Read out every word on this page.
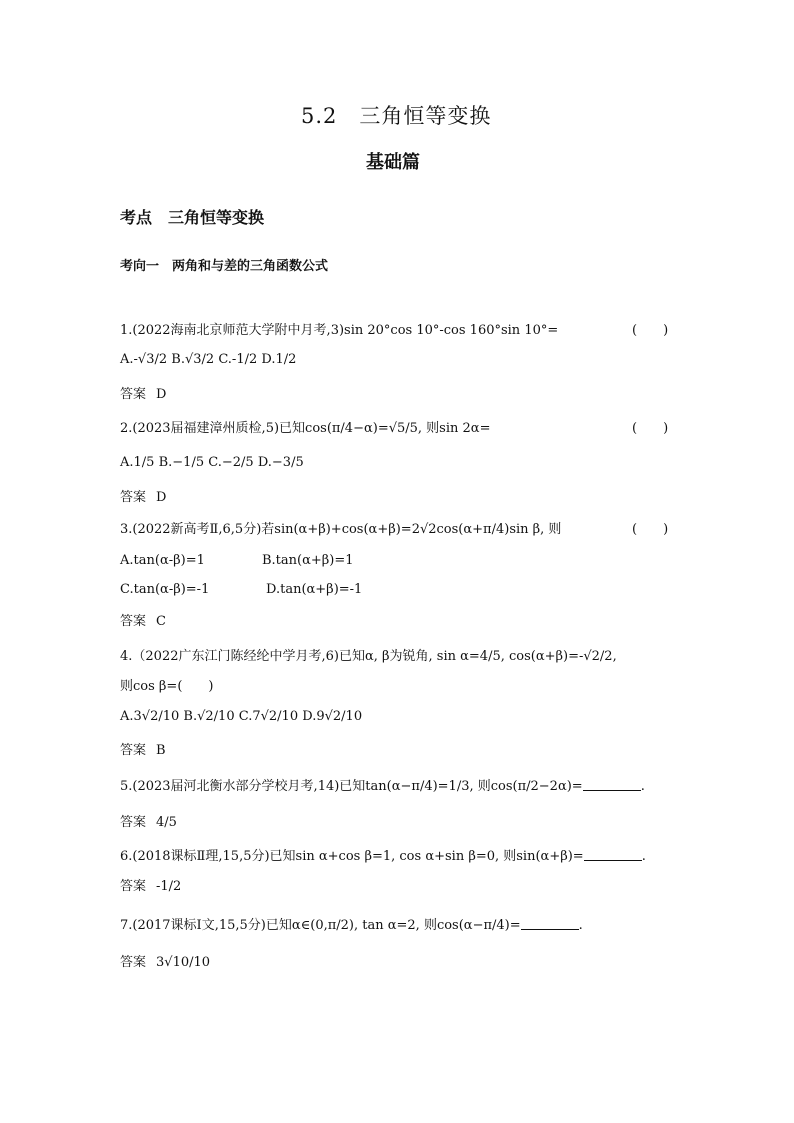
5.2　三角恒等变换
基础篇
考点　三角恒等变换
考向一　两角和与差的三角函数公式
1.(2022海南北京师范大学附中月考,3)sin 20°cos 10°-cos 160°sin 10°=	(　　)
A.-√3/2 B.√3/2 C.-1/2 D.1/2
答案 D
2.(2023届福建漳州质检,5)已知cos(π/4−α)=√5/5, 则sin 2α=	(　　)
A.1/5 B.−1/5 C.−2/5 D.−3/5
答案 D
3.(2022新高考Ⅱ,6,5分)若sin(α+β)+cos(α+β)=2√2cos(α+π/4)sin β, 则	(　　)
A.tan(α-β)=1	B.tan(α+β)=1
C.tan(α-β)=-1	D.tan(α+β)=-1
答案 C
4.（2022广东江门陈经纶中学月考,6)已知α, β为锐角, sin α=4/5, cos(α+β)=-√2/2,
则cos β=(　　)
A.3√2/10 B.√2/10 C.7√2/10 D.9√2/10
答案 B
5.(2023届河北衡水部分学校月考,14)已知tan(α−π/4)=1/3, 则cos(π/2−2α)=	.
答案 4/5
6.(2018课标Ⅱ理,15,5分)已知sin α+cos β=1, cos α+sin β=0, 则sin(α+β)=	.
答案 -1/2
7.(2017课标Ⅰ文,15,5分)已知α∈(0,π/2), tan α=2, 则cos(α−π/4)=	.
答案 3√10/10
